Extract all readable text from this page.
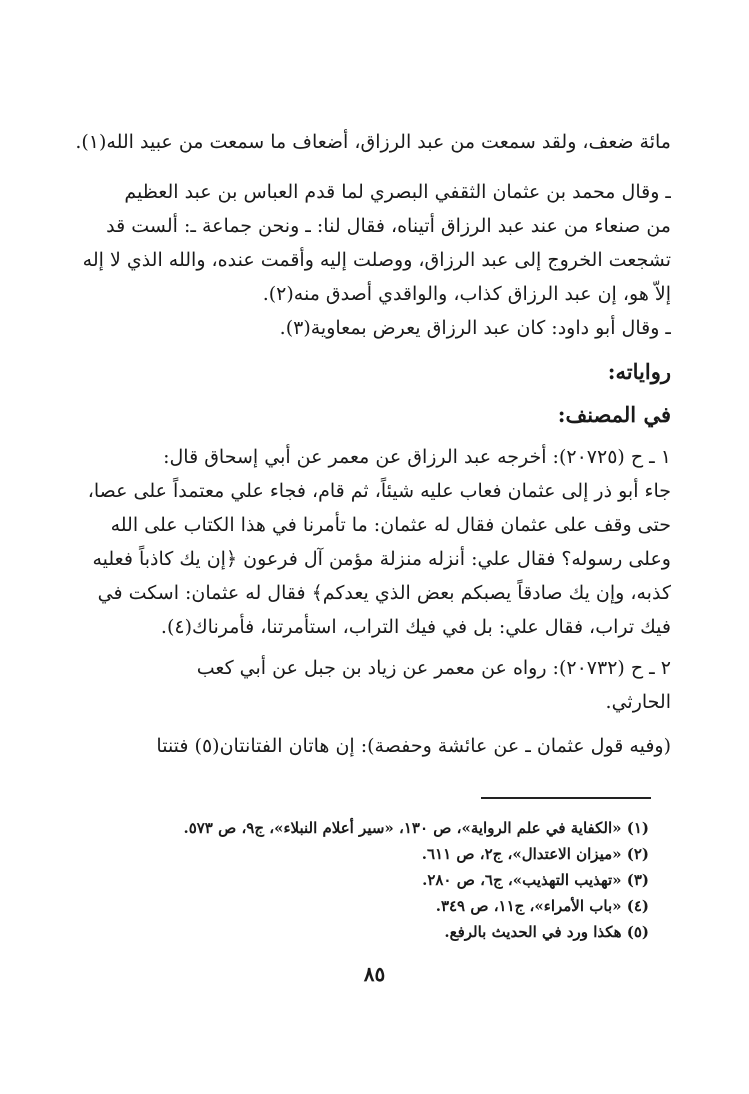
مائة ضعف، ولقد سمعت من عبد الرزاق، أضعاف ما سمعت من عبيد الله(١).
ـ وقال محمد بن عثمان الثقفي البصري لما قدم العباس بن عبد العظيم
من صنعاء من عند عبد الرزاق أتيناه، فقال لنا: ـ ونحن جماعة ـ: ألست قد
تشجعت الخروج إلى عبد الرزاق، ووصلت إليه وأقمت عنده، والله الذي لا إله
إلاّ هو، إن عبد الرزاق كذاب، والواقدي أصدق منه(٢).
ـ وقال أبو داود: كان عبد الرزاق يعرض بمعاوية(٣).
رواياته:
في المصنف:
١ ـ ح (٢٠٧٢٥): أخرجه عبد الرزاق عن معمر عن أبي إسحاق قال:
جاء أبو ذر إلى عثمان فعاب عليه شيئاً، ثم قام، فجاء علي معتمداً على عصا،
حتى وقف على عثمان فقال له عثمان: ما تأمرنا في هذا الكتاب على الله
وعلى رسوله؟ فقال علي: أنزله منزلة مؤمن آل فرعون ﴿إن يك كاذباً فعليه
كذبه، وإن يك صادقاً يصبكم بعض الذي يعدكم﴾ فقال له عثمان: اسكت في
فيك تراب، فقال علي: بل في فيك التراب، استأمرتنا، فأمرناك(٤).
٢ ـ ح (٢٠٧٣٢): رواه عن معمر عن زياد بن جبل عن أبي كعب
الحارثي.
(وفيه قول عثمان ـ عن عائشة وحفصة): إن هاتان الفتانتان(٥) فتنتا
(١) «الكفاية في علم الرواية»، ص ١٣٠، «سير أعلام النبلاء»، ج٩، ص ٥٧٣.
(٢) «ميزان الاعتدال»، ج٢، ص ٦١١.
(٣) «تهذيب التهذيب»، ج٦، ص ٢٨٠.
(٤) «باب الأمراء»، ج١١، ص ٣٤٩.
(٥) هكذا ورد في الحديث بالرفع.
٨٥
